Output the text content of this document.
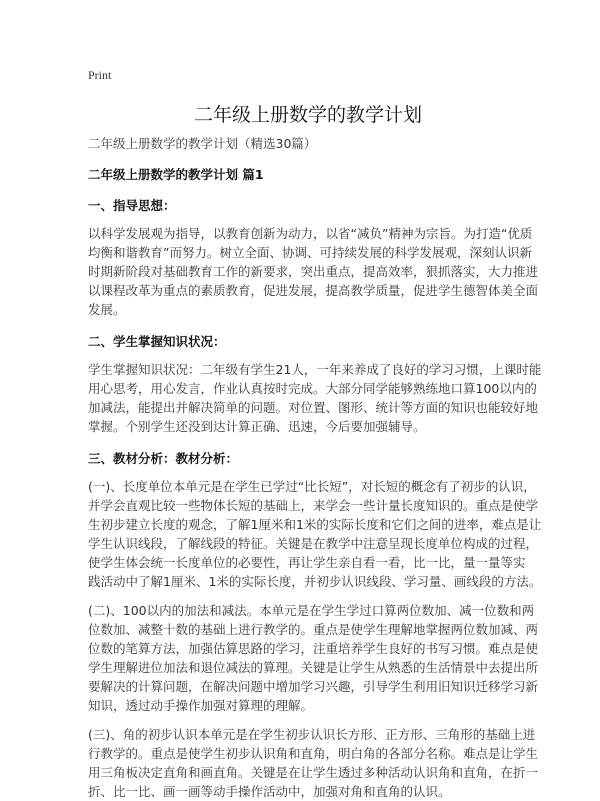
Print
二年级上册数学的教学计划
二年级上册数学的教学计划（精选30篇）
二年级上册数学的教学计划 篇1
一、指导思想：
以科学发展观为指导，以教育创新为动力，以省“减负”精神为宗旨。为打造“优质
均衡和谐教育”而努力。树立全面、协调、可持续发展的科学发展观，深刻认识新
时期新阶段对基础教育工作的新要求，突出重点，提高效率，狠抓落实，大力推进
以课程改革为重点的素质教育，促进发展，提高教学质量，促进学生德智体美全面
发展。
二、学生掌握知识状况：
学生掌握知识状况：二年级有学生21人，一年来养成了良好的学习习惯，上课时能
用心思考，用心发言，作业认真按时完成。大部分同学能够熟练地口算100以内的
加减法，能提出并解决简单的问题。对位置、图形、统计等方面的知识也能较好地
掌握。个别学生还没到达计算正确、迅速，今后要加强辅导。
三、教材分析：教材分析：
(一)、长度单位本单元是在学生已学过“比长短”，对长短的概念有了初步的认识，
并学会直观比较一些物体长短的基础上，来学会一些计量长度知识的。重点是使学
生初步建立长度的观念，了解1厘米和1米的实际长度和它们之间的进率，难点是让
学生认识线段，了解线段的特征。关键是在教学中注意呈现长度单位构成的过程，
使学生体会统一长度单位的必要性，再让学生亲自看一看，比一比，量一量等实
践活动中了解1厘米、1米的实际长度，并初步认识线段、学习量、画线段的方法。
(二)、100以内的加法和减法。本单元是在学生学过口算两位数加、减一位数和两
位数加、减整十数的基础上进行教学的。重点是使学生理解地掌握两位数加减、两
位数的笔算方法，加强估算思路的学习，注重培养学生良好的书写习惯。难点是使
学生理解进位加法和退位减法的算理。关键是让学生从熟悉的生活情景中去提出所
要解决的计算问题，在解决问题中增加学习兴趣，引导学生利用旧知识迁移学习新
知识，透过动手操作加强对算理的理解。
(三)、角的初步认识本单元是在学生初步认识长方形、正方形、三角形的基础上进
行教学的。重点是使学生初步认识角和直角，明白角的各部分名称。难点是让学生
用三角板决定直角和画直角。关键是在让学生透过多种活动认识角和直角，在折一
折、比一比、画一画等动手操作活动中，加强对角和直角的认识。
